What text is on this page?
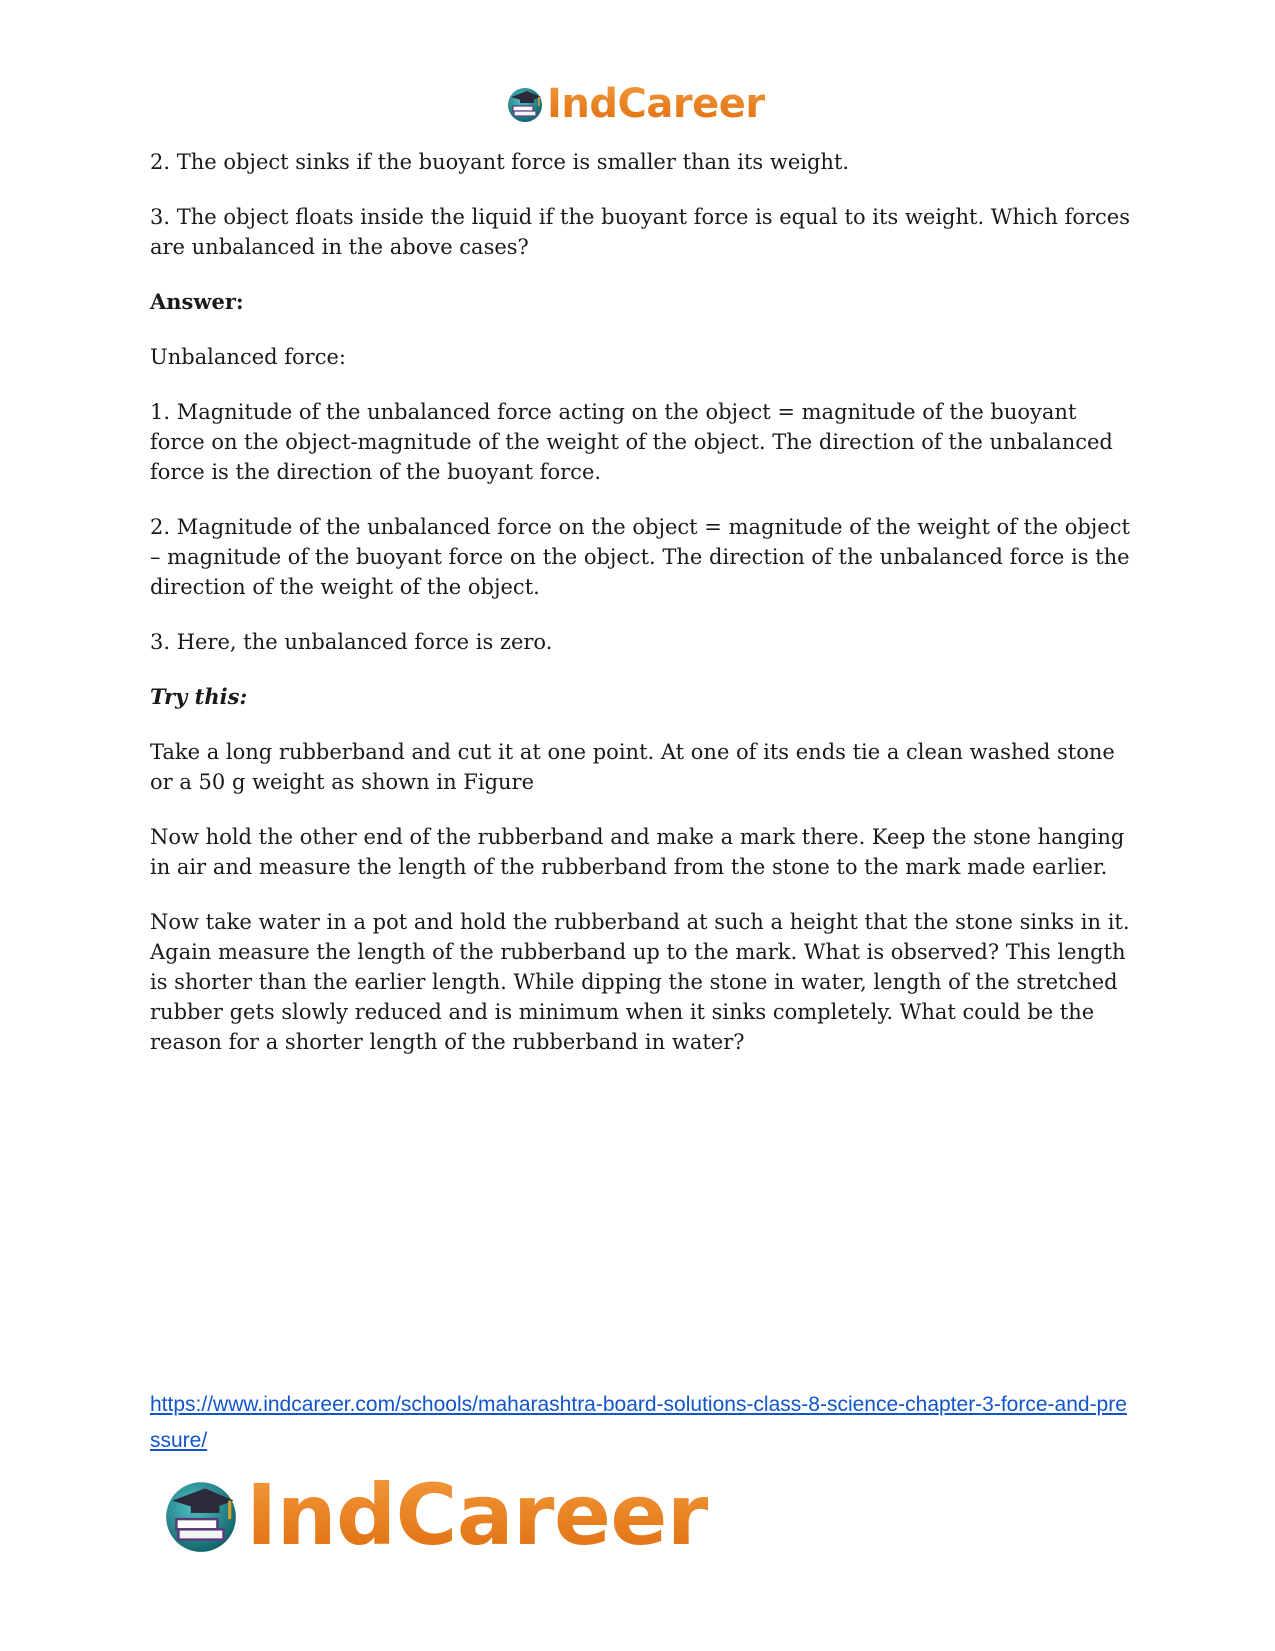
IndCareer

2. The object sinks if the buoyant force is smaller than its weight.

3. The object floats inside the liquid if the buoyant force is equal to its weight. Which forces are unbalanced in the above cases?

Answer:

Unbalanced force:

1. Magnitude of the unbalanced force acting on the object = magnitude of the buoyant force on the object-magnitude of the weight of the object. The direction of the unbalanced force is the direction of the buoyant force.

2. Magnitude of the unbalanced force on the object = magnitude of the weight of the object – magnitude of the buoyant force on the object. The direction of the unbalanced force is the direction of the weight of the object.

3. Here, the unbalanced force is zero.

Try this:

Take a long rubberband and cut it at one point. At one of its ends tie a clean washed stone or a 50 g weight as shown in Figure

Now hold the other end of the rubberband and make a mark there. Keep the stone hanging in air and measure the length of the rubberband from the stone to the mark made earlier.

Now take water in a pot and hold the rubberband at such a height that the stone sinks in it. Again measure the length of the rubberband up to the mark. What is observed? This length is shorter than the earlier length. While dipping the stone in water, length of the stretched rubber gets slowly reduced and is minimum when it sinks completely. What could be the reason for a shorter length of the rubberband in water?

https://www.indcareer.com/schools/maharashtra-board-solutions-class-8-science-chapter-3-force-and-pressure/
IndCareer
